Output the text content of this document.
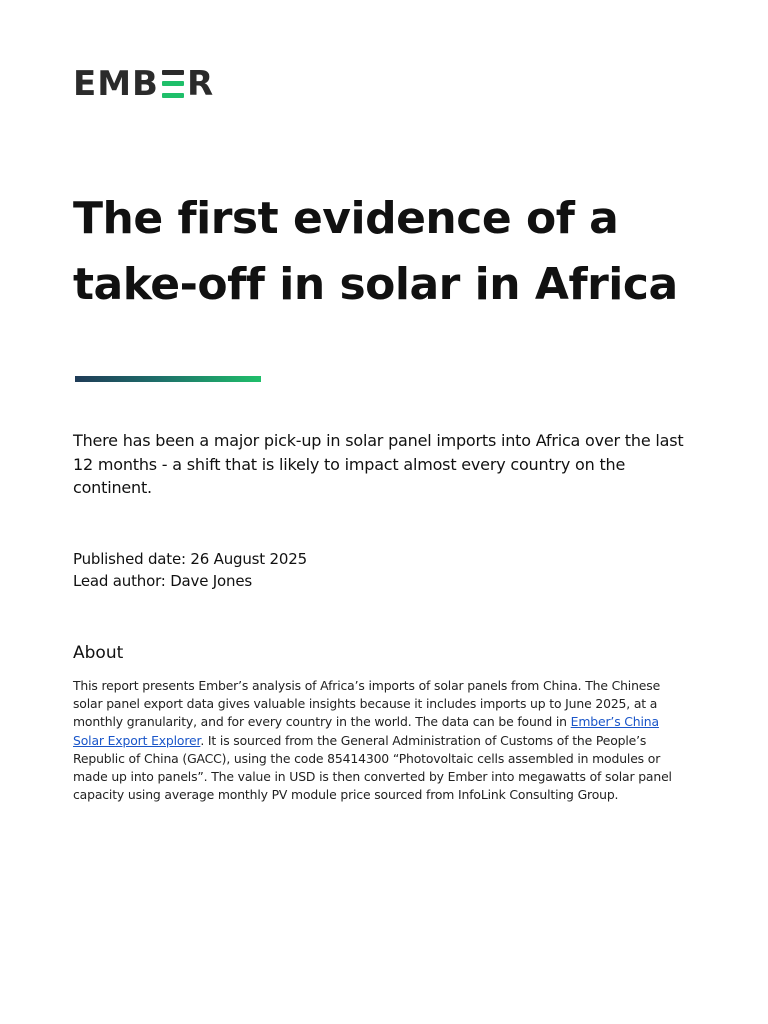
EMB R
The first evidence of a
take-off in solar in Africa

There has been a major pick-up in solar panel imports into Africa over the last 12 months - a shift that is likely to impact almost every country on the continent.

Published date: 26 August 2025
Lead author: Dave Jones
About

This report presents Ember’s analysis of Africa’s imports of solar panels from China. The Chinese solar panel export data gives valuable insights because it includes imports up to June 2025, at a monthly granularity, and for every country in the world. The data can be found in Ember’s China Solar Export Explorer. It is sourced from the General Administration of Customs of the People’s Republic of China (GACC), using the code 85414300 “Photovoltaic cells assembled in modules or made up into panels”. The value in USD is then converted by Ember into megawatts of solar panel capacity using average monthly PV module price sourced from InfoLink Consulting Group.
